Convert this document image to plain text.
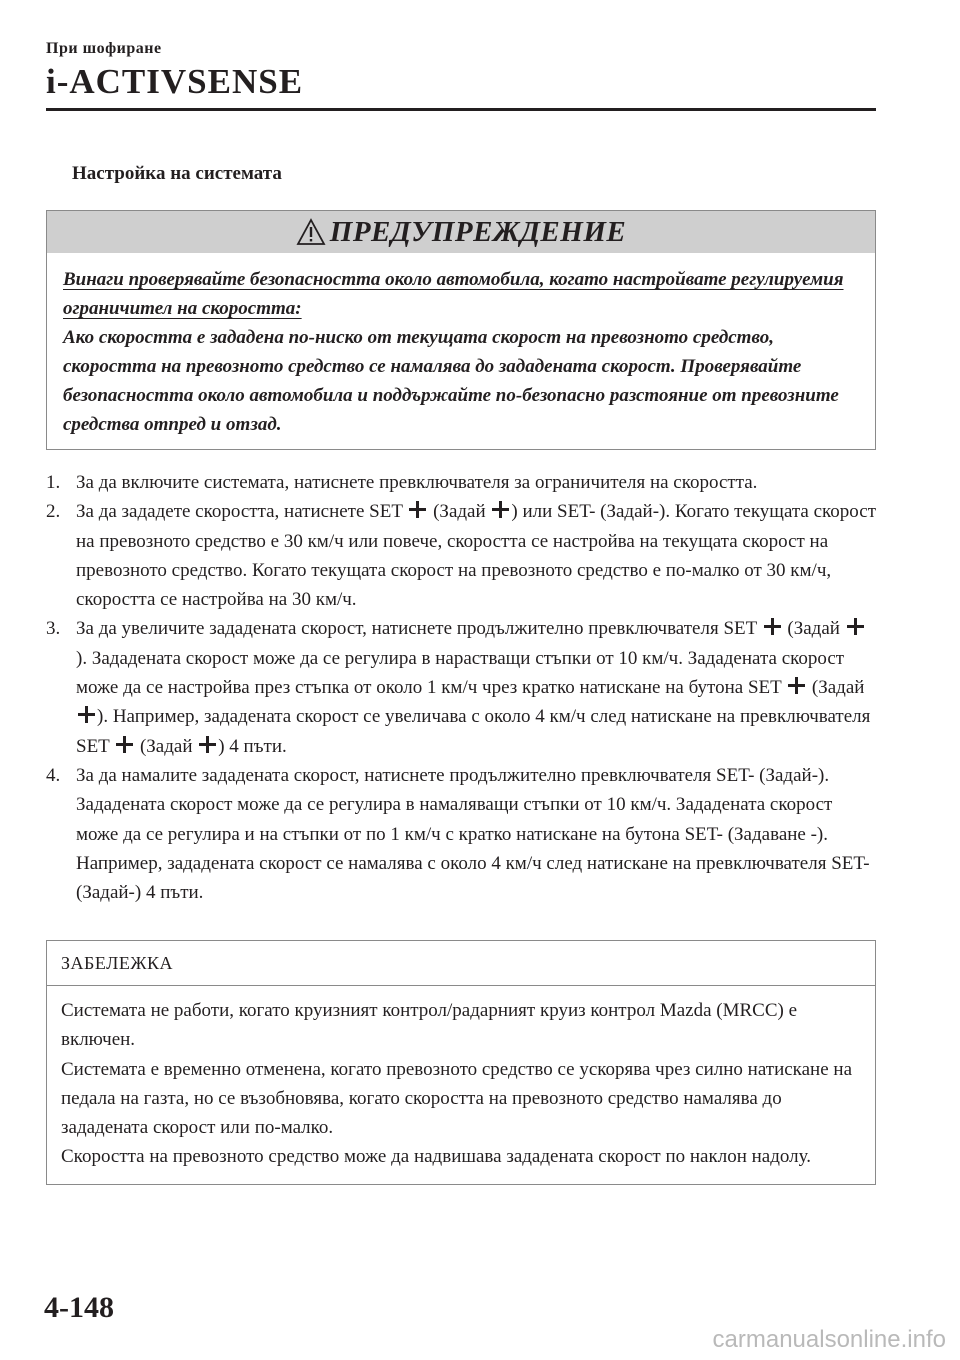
При шофиране
i-ACTIVSENSE
Настройка на системата
ПРЕДУПРЕЖДЕНИЕ
Винаги проверявайте безопасността около автомобила, когато настройвате регулируемия ограничител на скоростта:
Ако скоростта е зададена по-ниско от текущата скорост на превозното средство, скоростта на превозното средство се намалява до зададената скорост. Проверявайте безопасността около автомобила и поддържайте по-безопасно разстояние от превозните средства отпред и отзад.
1. За да включите системата, натиснете превключвателя за ограничителя на скоростта.
2. За да зададете скоростта, натиснете SET  (Задай ) или SET- (Задай-). Когато текущата скорост на превозното средство е 30 км/ч или повече, скоростта се настройва на текущата скорост на превозното средство. Когато текущата скорост на превозното средство е по-малко от 30 км/ч, скоростта се настройва на 30 км/ч.
3. За да увеличите зададената скорост, натиснете продължително превключвателя SET  (Задай ). Зададената скорост може да се регулира в нарастващи стъпки от 10 км/ч. Зададената скорост може да се настройва през стъпка от около 1 км/ч чрез кратко натискане на бутона SET  (Задай ). Например, зададената скорост се увеличава с около 4 км/ч след натискане на превключвателя SET  (Задай ) 4 пъти.
4. За да намалите зададената скорост, натиснете продължително превключвателя SET- (Задай-). Зададената скорост може да се регулира в намаляващи стъпки от 10 км/ч. Зададената скорост може да се регулира и на стъпки от по 1 км/ч с кратко натискане на бутона SET- (Задаване -). Например, зададената скорост се намалява с около 4 км/ч след натискане на превключвателя SET- (Задай-) 4 пъти.
ЗАБЕЛЕЖКА
Системата не работи, когато круизният контрол/радарният круиз контрол Mazda (MRCC) е включен.
Системата е временно отменена, когато превозното средство се ускорява чрез силно натискане на педала на газта, но се възобновява, когато скоростта на превозното средство намалява до зададената скорост или по-малко.
Скоростта на превозното средство може да надвишава зададената скорост по наклон надолу.
4-148
carmanualsonline.info
